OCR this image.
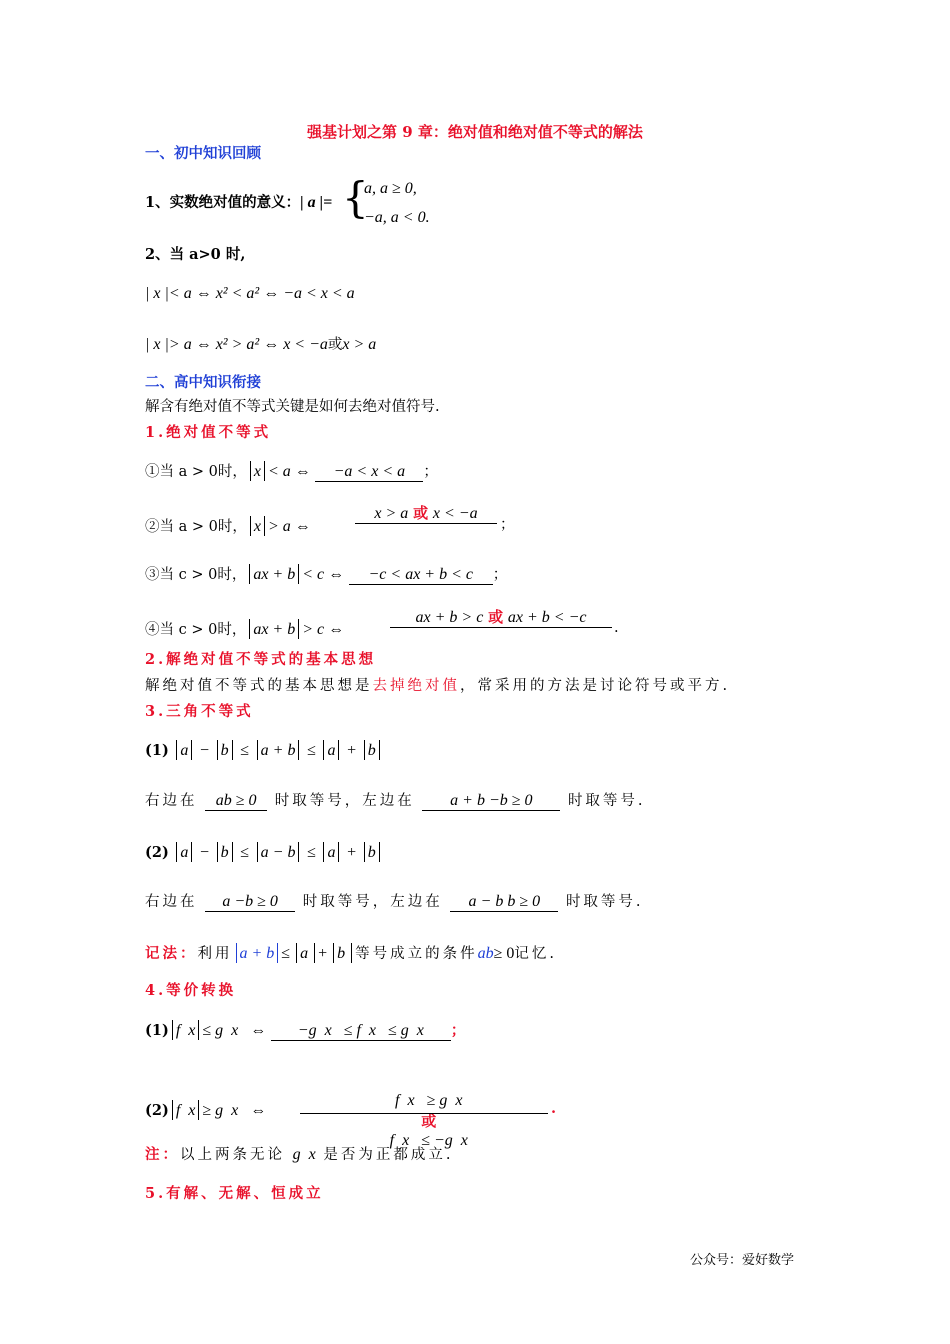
强基计划之第 9 章：绝对值和绝对值不等式的解法
一、初中知识回顾
1、实数绝对值的意义：| a |= {
a, a ≥ 0,
−a, a < 0.
2、当 a>0 时,
| x |< a ⇔ x² < a² ⇔ −a < x < a
| x |> a ⇔ x² > a² ⇔ x < −a或x > a
二、高中知识衔接
解含有绝对值不等式关键是如何去绝对值符号.
1.绝对值不等式
①当 a > 0时， x < a ⇔ −a < x < a ；
②当 a > 0时， x > a ⇔
x > a 或 x < −a
；
③当 c > 0时， ax + b < c ⇔ −c < ax + b < c ；
④当 c > 0时， ax + b > c ⇔
ax + b > c 或 ax + b < −c
.
2.解绝对值不等式的基本思想
解绝对值不等式的基本思想是去掉绝对值，常采用的方法是讨论符号或平方.
3.三角不等式
(1) a − b ≤ a + b ≤ a + b
右边在 ab ≥ 0 时取等号，左边在 a + b −b ≥ 0 时取等号.
(2) a − b ≤ a − b ≤ a + b
右边在 a −b ≥ 0 时取等号，左边在 a − b b ≥ 0 时取等号.
记法：利用 a + b ≤ a + b 等号成立的条件ab≥ 0记忆.
4.等价转换
(1) f  x ≤ g  x   ⇔ −g  x   ≤ f  x   ≤ g  x ；

f  x   ≥ g  x
或
f  x   ≤ −g  x

(2) f  x ≥ g  x   ⇔	.
注：以上两条无论 g  x 是否为正都成立.
5.有解、无解、恒成立
公众号：爱好数学
